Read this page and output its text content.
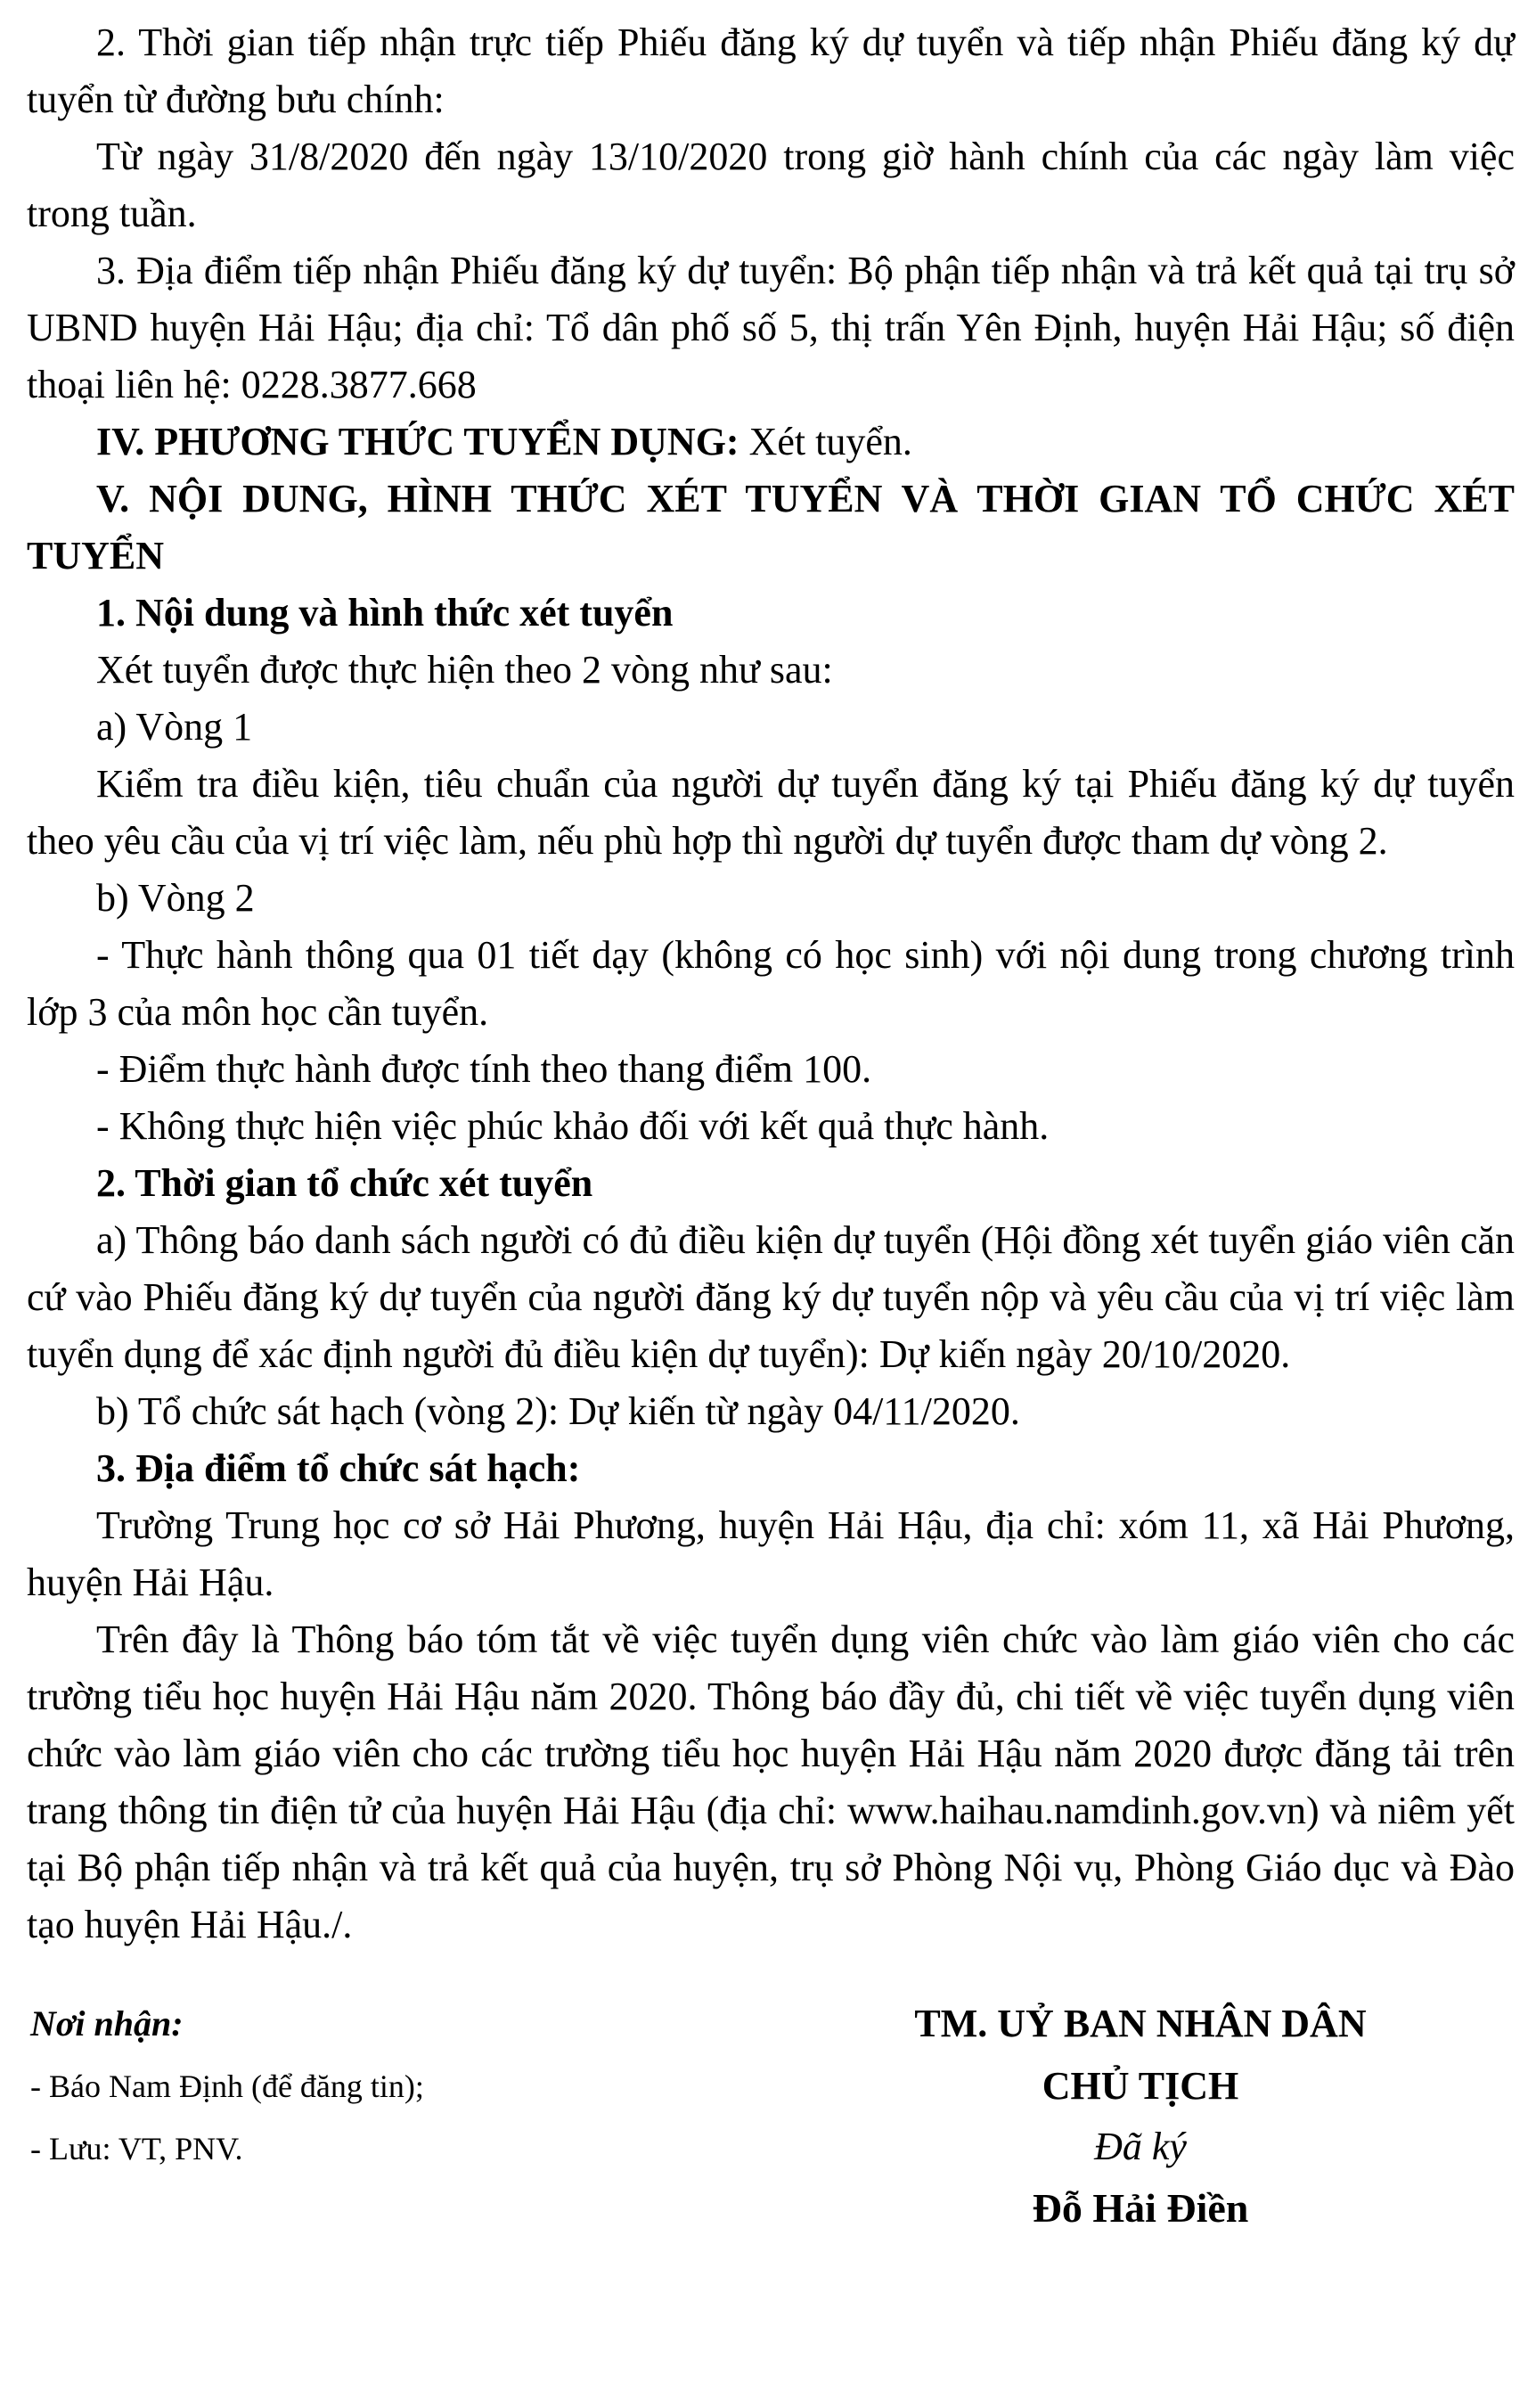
2. Thời gian tiếp nhận trực tiếp Phiếu đăng ký dự tuyển và tiếp nhận Phiếu đăng ký dự tuyển từ đường bưu chính:

Từ ngày 31/8/2020 đến ngày 13/10/2020 trong giờ hành chính của các ngày làm việc trong tuần.

3. Địa điểm tiếp nhận Phiếu đăng ký dự tuyển: Bộ phận tiếp nhận và trả kết quả tại trụ sở UBND huyện Hải Hậu; địa chỉ: Tổ dân phố số 5, thị trấn Yên Định, huyện Hải Hậu; số điện thoại liên hệ: 0228.3877.668

IV. PHƯƠNG THỨC TUYỂN DỤNG: Xét tuyển.

V. NỘI DUNG, HÌNH THỨC XÉT TUYỂN VÀ THỜI GIAN TỔ CHỨC XÉT TUYỂN

1. Nội dung và hình thức xét tuyển

Xét tuyển được thực hiện theo 2 vòng như sau:

a) Vòng 1

Kiểm tra điều kiện, tiêu chuẩn của người dự tuyển đăng ký tại Phiếu đăng ký dự tuyển theo yêu cầu của vị trí việc làm, nếu phù hợp thì người dự tuyển được tham dự vòng 2.

b) Vòng 2

- Thực hành thông qua 01 tiết dạy (không có học sinh) với nội dung trong chương trình lớp 3 của môn học cần tuyển.

- Điểm thực hành được tính theo thang điểm 100.

- Không thực hiện việc phúc khảo đối với kết quả thực hành.

2. Thời gian tổ chức xét tuyển

a) Thông báo danh sách người có đủ điều kiện dự tuyển (Hội đồng xét tuyển giáo viên căn cứ vào Phiếu đăng ký dự tuyển của người đăng ký dự tuyển nộp và yêu cầu của vị trí việc làm tuyển dụng để xác định người đủ điều kiện dự tuyển): Dự kiến ngày 20/10/2020.

b) Tổ chức sát hạch (vòng 2): Dự kiến từ ngày 04/11/2020.

3. Địa điểm tổ chức sát hạch:

Trường Trung học cơ sở Hải Phương, huyện Hải Hậu, địa chỉ: xóm 11, xã Hải Phương, huyện Hải Hậu.

Trên đây là Thông báo tóm tắt về việc tuyển dụng viên chức vào làm giáo viên cho các trường tiểu học huyện Hải Hậu năm 2020. Thông báo đầy đủ, chi tiết về việc tuyển dụng viên chức vào làm giáo viên cho các trường tiểu học huyện Hải Hậu năm 2020 được đăng tải trên trang thông tin điện tử của huyện Hải Hậu (địa chỉ: www.haihau.namdinh.gov.vn) và niêm yết tại Bộ phận tiếp nhận và trả kết quả của huyện, trụ sở Phòng Nội vụ, Phòng Giáo dục và Đào tạo huyện Hải Hậu./.

Nơi nhận:
- Báo Nam Định (để đăng tin);
- Lưu: VT, PNV.
TM. UỶ BAN NHÂN DÂN
CHỦ TỊCH
Đã ký
Đỗ Hải Điền
